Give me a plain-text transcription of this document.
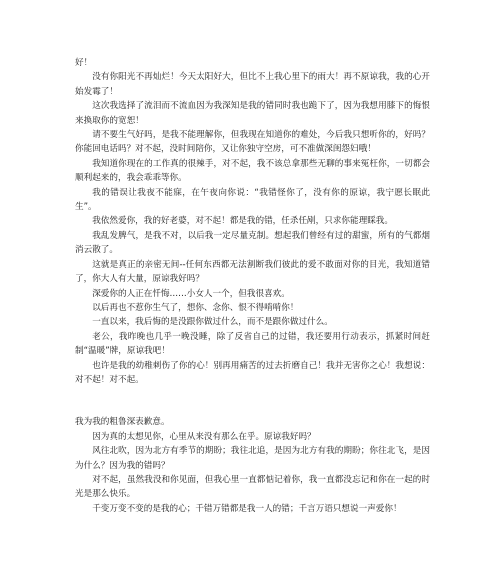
好！

没有你阳光不再灿烂！今天太阳好大，但比不上我心里下的雨大！再不原谅我，我的心开始发霉了！

这次我选择了流泪而不流血因为我深知是我的错同时我也跪下了，因为我想用膝下的悔恨来换取你的宽恕！

请不要生气好吗，是我不能理解你，但我现在知道你的难处，今后我只想听你的，好吗？你能回电话吗？对不起，没时间陪你，又让你独守空房，可不准做深闺怨妇哦！

我知道你现在的工作真的很辣手，对不起，我不该总拿那些无聊的事来冤枉你，一切都会顺利起来的，我会乖乖等你。

我的错误让我夜不能寐，在午夜向你说：“我错怪你了，没有你的原谅，我宁愿长眠此生”。

我依然爱你，我的好老婆，对不起！都是我的错，任杀任剐，只求你能理睬我。

我乱发脾气，是我不对，以后我一定尽量克制。想起我们曾经有过的甜蜜，所有的气都烟消云散了。

这就是真正的亲密无间--任何东西都无法割断我们彼此的爱不敢面对你的目光，我知道错了，你大人有大量，原谅我好吗？

深爱你的人正在忏悔……小女人一个，但我很喜欢。

以后再也不惹你生气了，想你、念你、恨不得啃啃你！

一直以来，我后悔的是没跟你做过什么，而不是跟你做过什么。

老公，我昨晚也几乎一晚没睡，除了反省自己的过错，我还要用行动表示，抓紧时间赶制“温暖”牌，原谅我吧！

也许是我的幼稚刺伤了你的心！别再用痛苦的过去折磨自己！我并无害你之心！我想说：对不起！对不起。

我为我的粗鲁深表歉意。

因为真的太想见你，心里从来没有那么在乎。原谅我好吗？

风往北吹，因为北方有季节的期盼；我往北追，是因为北方有我的期盼；你往北飞，是因为什么？因为我的错吗？

对不起，虽然我没和你见面，但我心里一直都惦记着你，我一直都没忘记和你在一起的时光是那么快乐。

千变万变不变的是我的心；千错万错都是我一人的错；千言万语只想说一声爱你！
